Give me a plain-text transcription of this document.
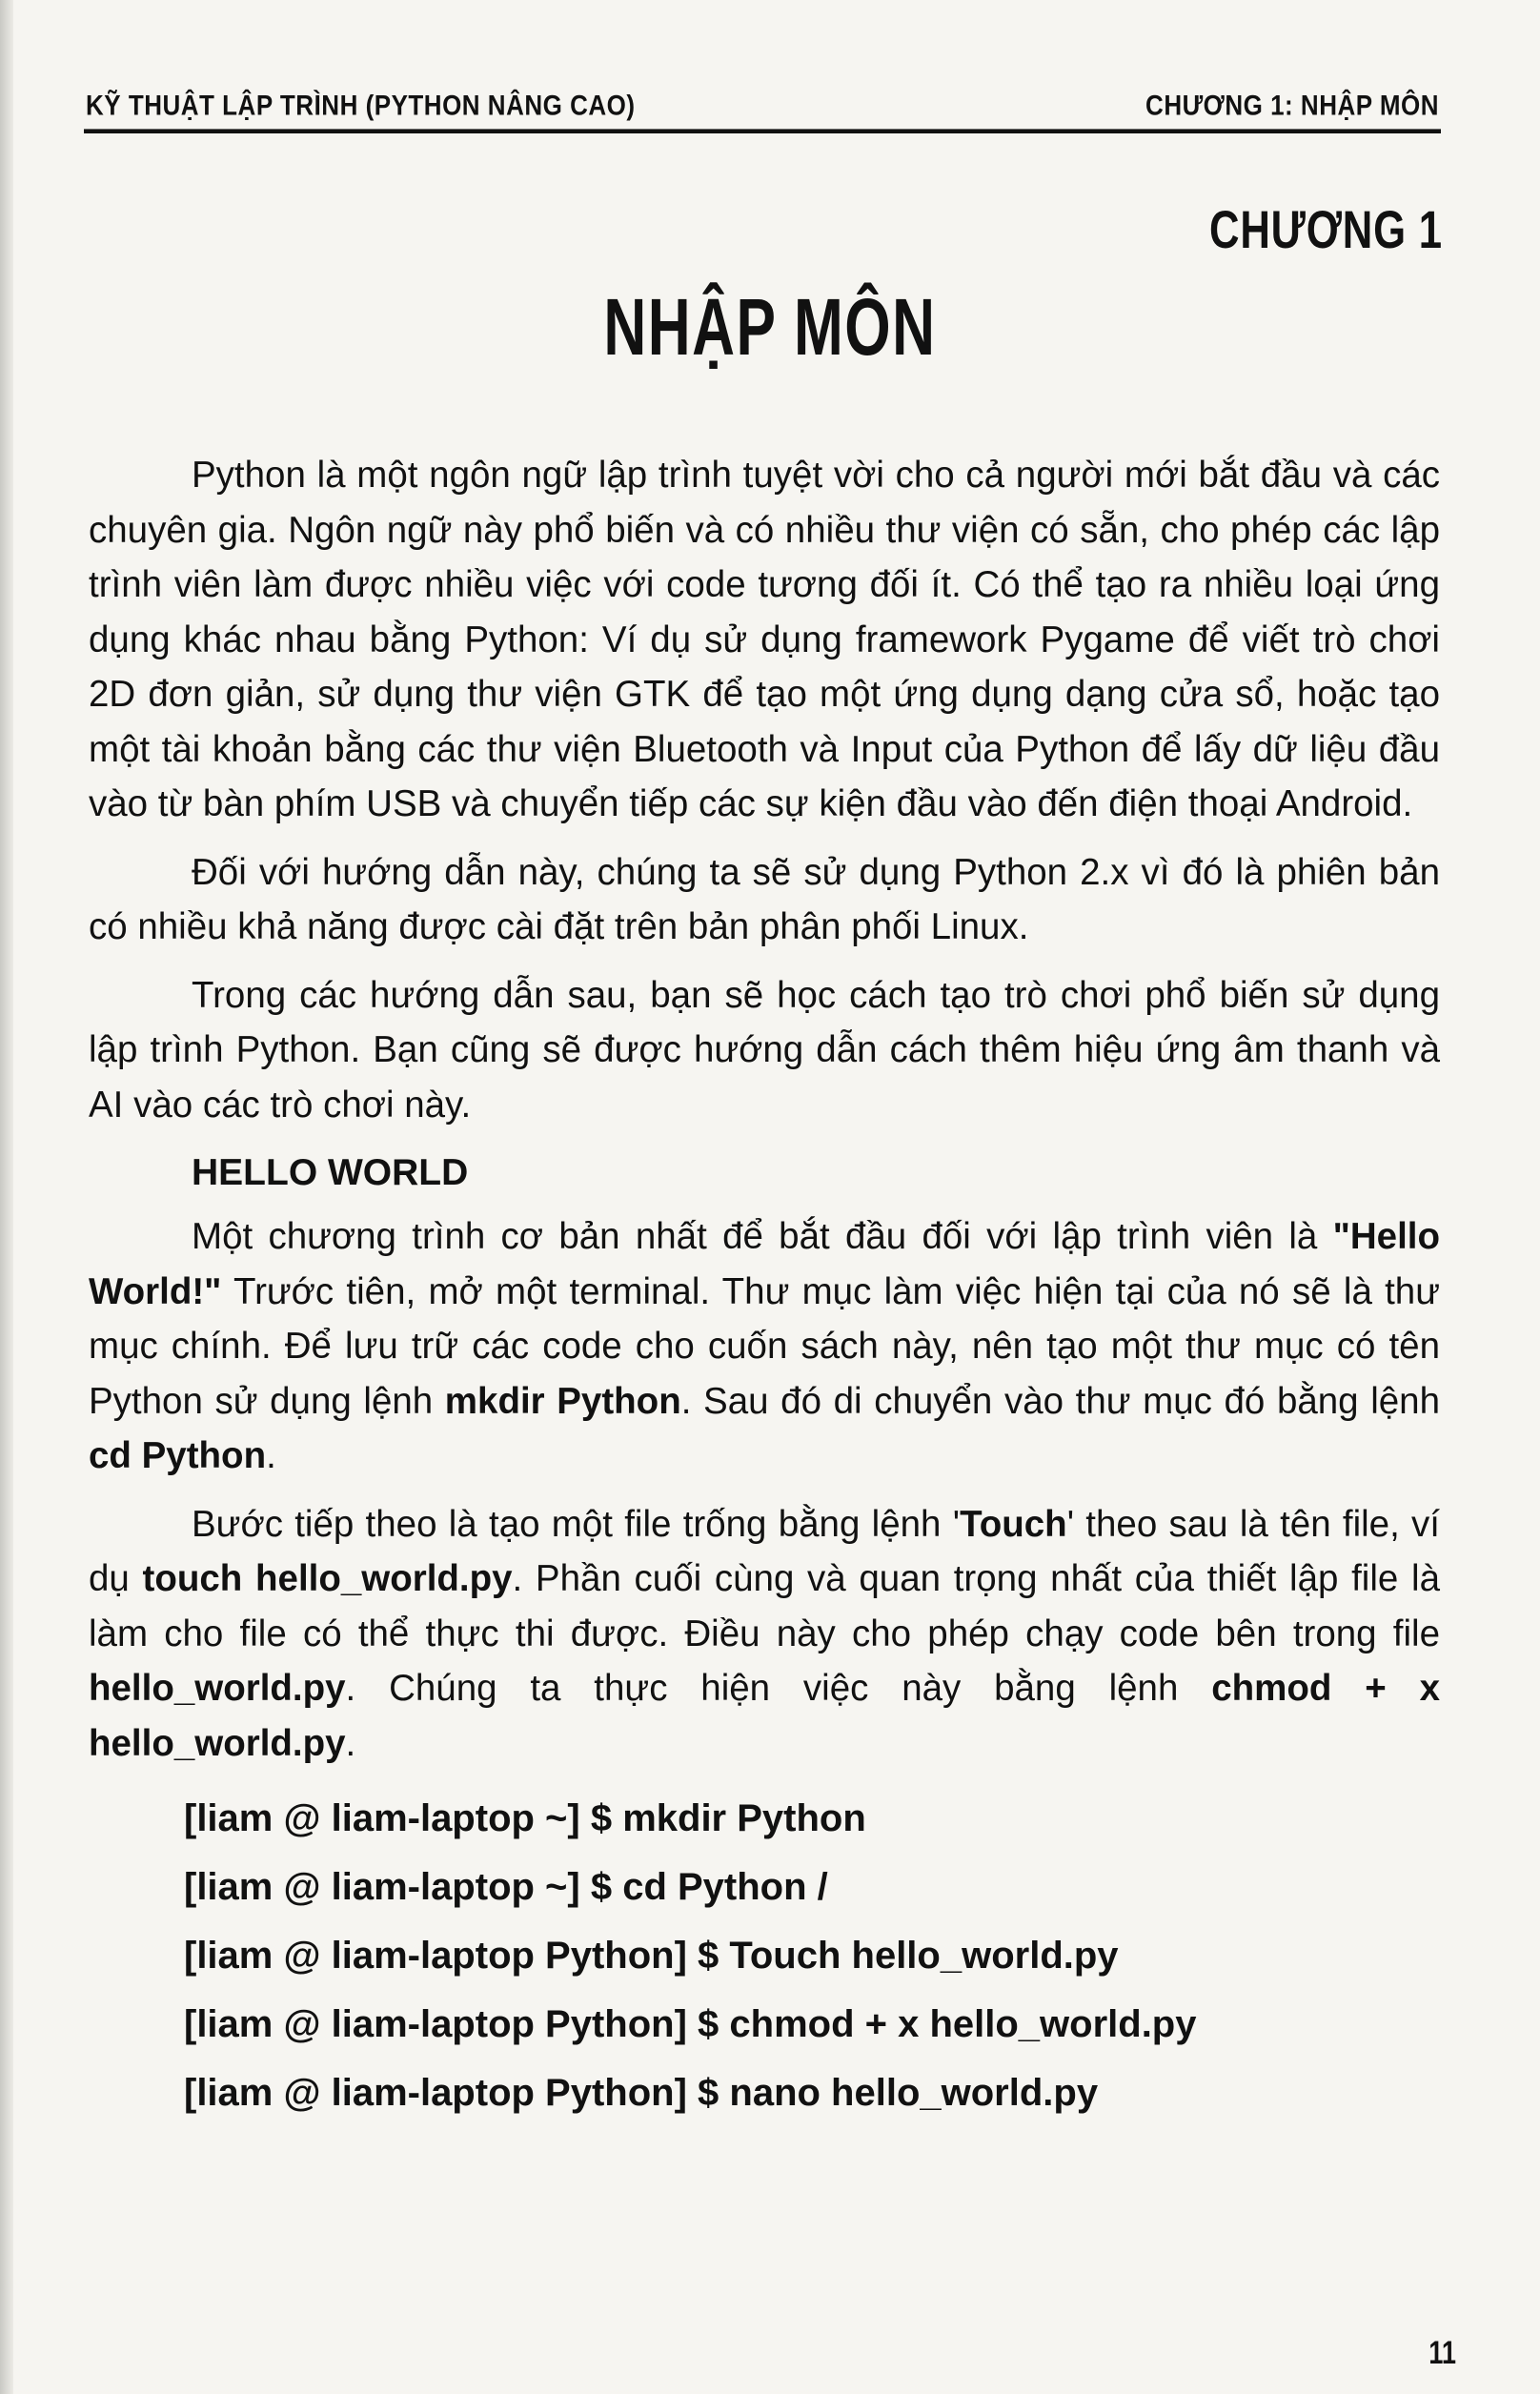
KỸ THUẬT LẬP TRÌNH (PYTHON NÂNG CAO)	CHƯƠNG 1: NHẬP MÔN
CHƯƠNG 1
NHẬP MÔN

Python là một ngôn ngữ lập trình tuyệt vời cho cả người mới bắt đầu và các chuyên gia. Ngôn ngữ này phổ biến và có nhiều thư viện có sẵn, cho phép các lập trình viên làm được nhiều việc với code tương đối ít. Có thể tạo ra nhiều loại ứng dụng khác nhau bằng Python: Ví dụ sử dụng framework Pygame để viết trò chơi 2D đơn giản, sử dụng thư viện GTK để tạo một ứng dụng dạng cửa sổ, hoặc tạo một tài khoản bằng các thư viện Bluetooth và Input của Python để lấy dữ liệu đầu vào từ bàn phím USB và chuyển tiếp các sự kiện đầu vào đến điện thoại Android.

Đối với hướng dẫn này, chúng ta sẽ sử dụng Python 2.x vì đó là phiên bản có nhiều khả năng được cài đặt trên bản phân phối Linux.

Trong các hướng dẫn sau, bạn sẽ học cách tạo trò chơi phổ biến sử dụng lập trình Python. Bạn cũng sẽ được hướng dẫn cách thêm hiệu ứng âm thanh và AI vào các trò chơi này.

HELLO WORLD

Một chương trình cơ bản nhất để bắt đầu đối với lập trình viên là "Hello World!" Trước tiên, mở một terminal. Thư mục làm việc hiện tại của nó sẽ là thư mục chính. Để lưu trữ các code cho cuốn sách này, nên tạo một thư mục có tên Python sử dụng lệnh mkdir Python. Sau đó di chuyển vào thư mục đó bằng lệnh cd Python.

Bước tiếp theo là tạo một file trống bằng lệnh 'Touch' theo sau là tên file, ví dụ touch hello_world.py. Phần cuối cùng và quan trọng nhất của thiết lập file là làm cho file có thể thực thi được. Điều này cho phép chạy code bên trong file hello_world.py. Chúng ta thực hiện việc này bằng lệnh chmod + x hello_world.py.

[liam @ liam-laptop ~] $ mkdir Python
[liam @ liam-laptop ~] $ cd Python /
[liam @ liam-laptop Python] $ Touch hello_world.py
[liam @ liam-laptop Python] $ chmod + x hello_world.py
[liam @ liam-laptop Python] $ nano hello_world.py
11
